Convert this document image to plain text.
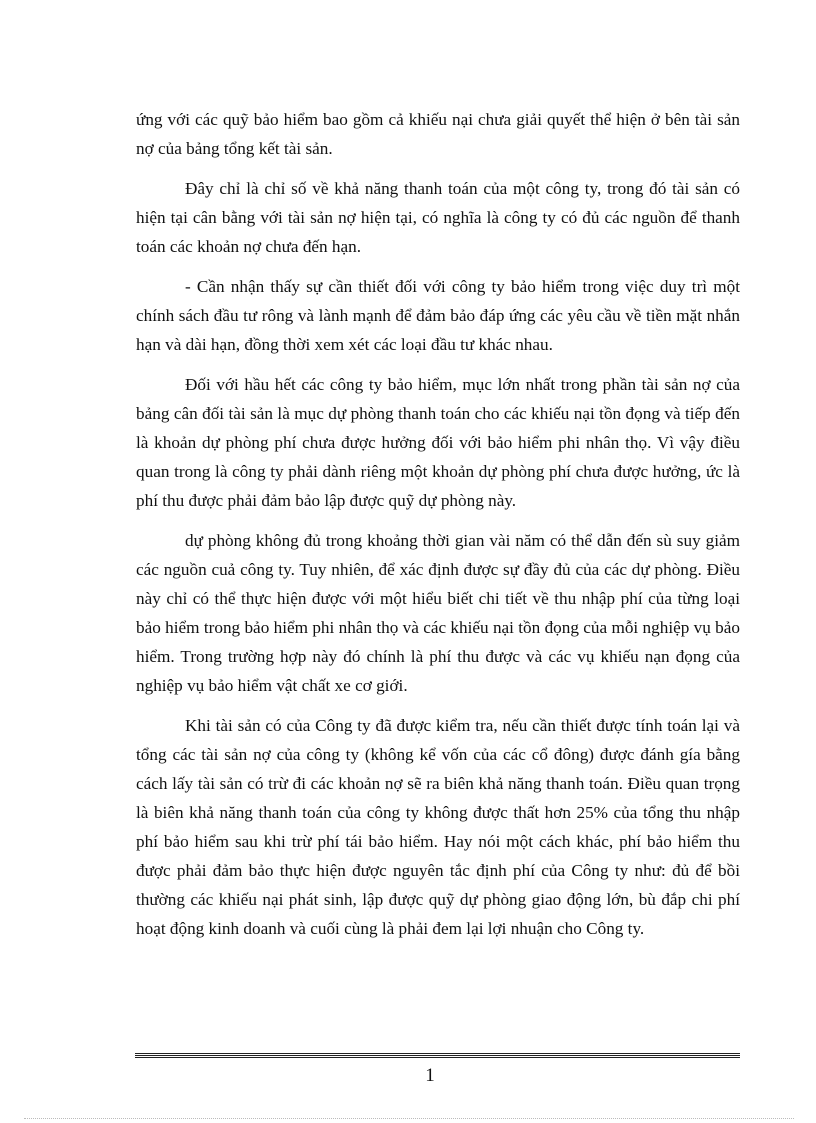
ứng với các quỹ bảo hiểm bao gồm cả khiếu nại chưa giải quyết thể hiện ở bên tài sản nợ của bảng tổng kết tài sản.

Đây chỉ là chỉ số về khả năng thanh toán của một công ty, trong đó tài sản có hiện tại cân bằng với tài sản nợ hiện tại, có nghĩa là công ty có đủ các nguồn để thanh toán các khoản nợ chưa đến hạn.

- Cần nhận thấy sự cần thiết đối với công ty bảo hiểm trong việc duy trì một chính sách đầu tư rông và lành mạnh để đảm bảo đáp ứng các yêu cầu về tiền mặt nhắn hạn và dài hạn, đồng thời xem xét các loại đầu tư khác nhau.

Đối với hầu hết các công ty bảo hiểm, mục lớn nhất trong phần tài sản nợ của bảng cân đối tài sản là mục dự phòng thanh toán cho các khiếu nại tồn đọng và tiếp đến là khoản dự phòng phí chưa được hưởng đối với bảo hiểm phi nhân thọ. Vì vậy điều quan trong là công ty phải dành riêng một khoản dự phòng phí chưa được hưởng, ức là phí thu được phải đảm bảo lập được quỹ dự phòng này.

dự phòng không đủ trong khoảng thời gian vài năm có thể dẫn đến sù suy giảm các nguồn cuả công ty. Tuy nhiên, để xác định được sự đầy đủ của các dự phòng. Điều này chỉ có thể thực hiện được với một hiểu biết chi tiết về thu nhập phí của từng loại bảo hiểm trong bảo hiểm phi nhân thọ và các khiếu nại tồn đọng của mỗi nghiệp vụ bảo hiểm. Trong trường hợp này đó chính là phí thu được và các vụ khiếu nạn đọng của nghiệp vụ bảo hiểm vật chất xe cơ giới.

Khi tài sản có của Công ty đã được kiểm tra, nếu cần thiết được tính toán lại và tổng các tài sản nợ của công ty (không kể vốn của các cổ đông) được đánh gía bằng cách lấy tài sản có trừ đi các khoản nợ sẽ ra biên khả năng thanh toán. Điều quan trọng là biên khả năng thanh toán của công ty không được thất hơn 25% của tổng thu nhập phí bảo hiểm sau khi trừ phí tái bảo hiểm. Hay nói một cách khác, phí bảo hiểm thu được phải đảm bảo thực hiện được nguyên tắc định phí của Công ty như: đủ để bồi thường các khiếu nại phát sinh, lập được quỹ dự phòng giao động lớn, bù đắp chi phí hoạt động kinh doanh và cuối cùng là phải đem lại lợi nhuận cho Công ty.

1
